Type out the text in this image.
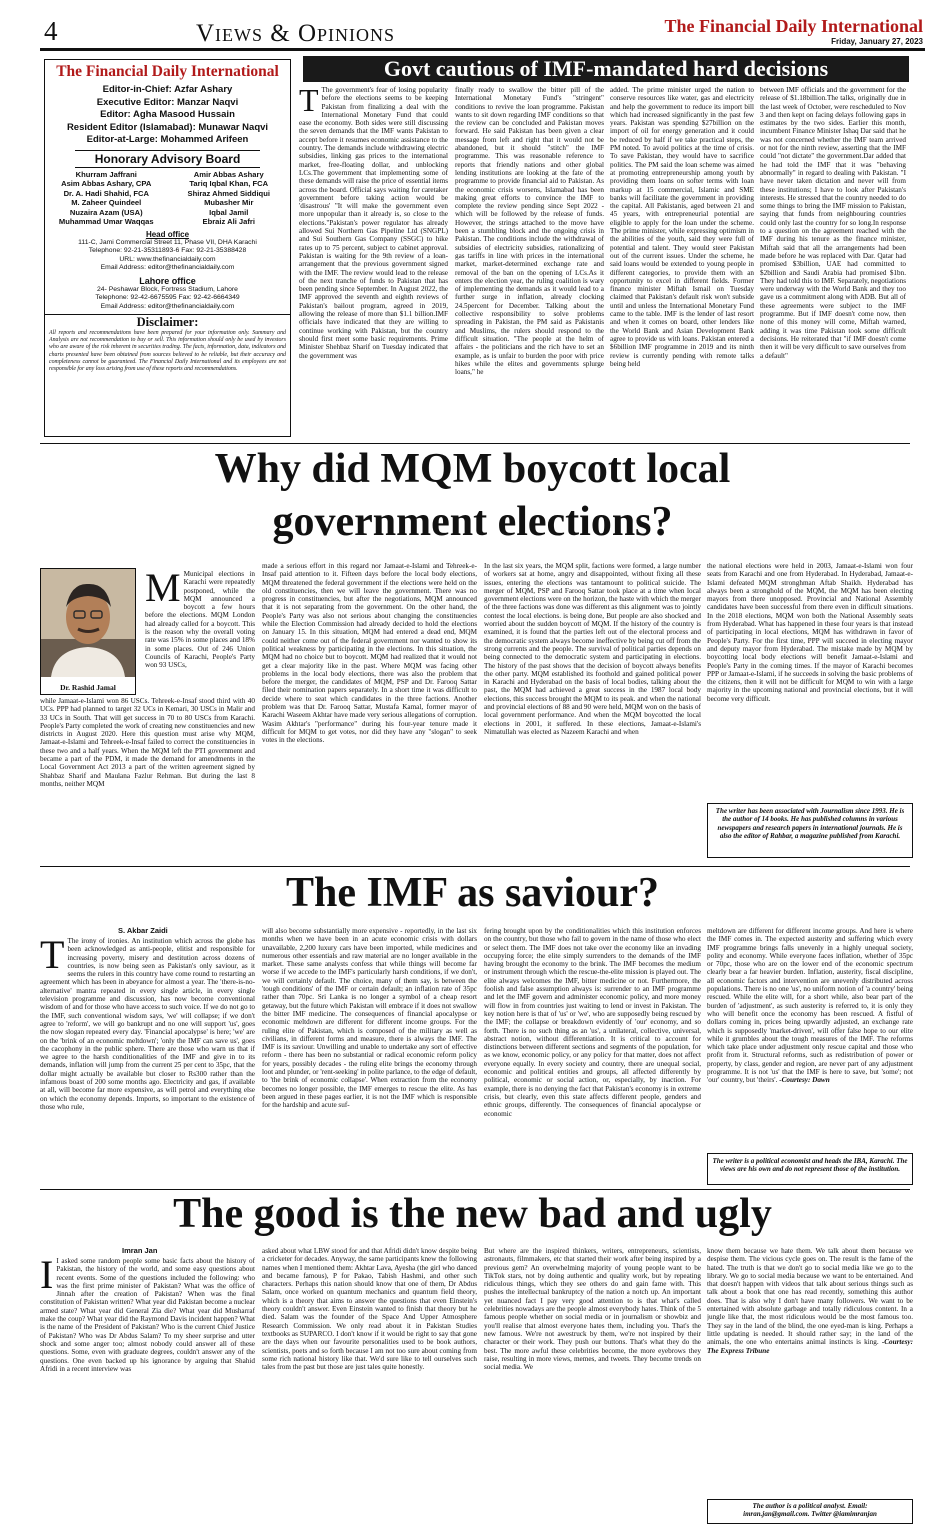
4	Views & Opinions	The Financial Daily International
Friday, January 27, 2023
The Financial Daily International
Editor-in-Chief: Azfar Ashary
Executive Editor: Manzar Naqvi
Editor: Agha Masood Hussain
Resident Editor (Islamabad): Munawar Naqvi
Editor-at-Large: Mohammed Arifeen
Honorary Advisory Board
Khurram Jaffrani
Asim Abbas Ashary, CPA
Dr. A. Hadi Shahid, FCA
M. Zaheer Quindeel
Nuzaira Azam (USA)
Muhammad Umar Waqqas
Amir Abbas Ashary
Tariq Iqbal Khan, FCA
Shiraz Ahmed Siddiqui
Mubasher Mir
Iqbal Jamil
Ebraiz Ali Jafri
Head office
111-C, Jami Commercial Street 11, Phase VII, DHA Karachi
Telephone: 92-21-35311893-6 Fax: 92-21-35388428
URL: www.thefinancialdaily.com
Email Address: editor@thefinancialdaily.com
Lahore office
24- Peshawar Block, Fortress Stadium, Lahore
Telephone: 92-42-6675595 Fax: 92-42-6664349
Email Address: editor@thefinancialdaily.com
Disclaimer:
All reports and recommendations have been prepared for your information only. Summary and Analysis are not recommendation to buy or sell. This information should only be used by investors who are aware of the risk inherent in securities trading. The facts, information, data, indicators and charts presented have been obtained from sources believed to be reliable, but their accuracy and completeness cannot be guaranteed. The Financial Daily International and its employees are not responsible for any loss arising from use of these reports and recommendations.
Govt cautious of IMF-mandated hard decisions
T The government's fear of losing popularity before the elections seems to be keeping Pakistan from finalizing a deal with the International Monetary Fund that could ease the economy. Both sides were still discussing the seven demands that the IMF wants Pakistan to accept before it resumes economic assistance to the country. The demands include withdrawing electric subsidies, linking gas prices to the international market, free-floating dollar, and unblocking LCs.The government that implementing some of these demands will raise the price of essential items across the board. Official says waiting for caretaker government before taking action would be 'disastrous' "It will make the government even more unpopular than it already is, so close to the elections."Pakistan's power regulator has already allowed Sui Northern Gas Pipeline Ltd (SNGPL) and Sui Southern Gas Company (SSGC) to hike rates up to 75 percent, subject to cabinet approval. Pakistan is waiting for the 9th review of a loan-arrangement that the previous government signed with the IMF. The review would lead to the release of the next tranche of funds to Pakistan that has been pending since September. In August 2022, the IMF approved the seventh and eighth reviews of Pakistan's bailout program, agreed in 2019, allowing the release of more than $1.1 billion.IMF officials have indicated that they are willing to continue working with Pakistan, but the country should first meet some basic requirements. Prime Minister Shehbaz Sharif on Tuesday indicated that the government was
finally ready to swallow the bitter pill of the International Monetary Fund's "stringent" conditions to revive the loan programme. Pakistan wants to sit down regarding IMF conditions so that the review can be concluded and Pakistan moves forward. He said Pakistan has been given a clear message from left and right that it would not be abandoned, but it should "stitch" the IMF programme. This was reasonable reference to reports that friendly nations and other global lending institutions are looking at the fate of the programme to provide financial aid to Pakistan. As the economic crisis worsens, Islamabad has been making great efforts to convince the IMF to complete the review pending since Sept 2022 - which will be followed by the release of funds. However, the strings attached to the move have been a stumbling block and the ongoing crisis in Pakistan. The conditions include the withdrawal of subsidies of electricity subsidies, rationalizing of gas tariffs in line with prices in the international market, market-determined exchange rate and removal of the ban on the opening of LCs.As it enters the election year, the ruling coalition is wary of implementing the demands as it would lead to a further surge in inflation, already clocking 24.5percent for December. Talking about the collective responsibility to solve problems spreading in Pakistan, the PM said as Pakistanis and Muslims, the rulers should respond to the difficult situation. "The people at the helm of affairs - the politicians and the rich have to set an example, as is unfair to burden the poor with price hikes while the elites and governments splurge loans," he
added. The prime minister urged the nation to conserve resources like water, gas and electricity and help the government to reduce its import bill which had increased significantly in the past few years. Pakistan was spending $27billion on the import of oil for energy generation and it could be reduced by half if we take practical steps, the PM noted. To avoid politics at the time of crisis. To save Pakistan, they would have to sacrifice politics. The PM said the loan scheme was aimed at promoting entrepreneurship among youth by providing them loans on softer terms with loan markup at 15 commercial, Islamic and SME banks will facilitate the government in providing the capital. All Pakistanis, aged between 21 and 45 years, with entrepreneurial potential are eligible to apply for the loan under the scheme. The prime minister, while expressing optimism in the abilities of the youth, said they were full of potential and talent. They would steer Pakistan out of the current issues. Under the scheme, he said loans would be extended to young people in different categories, to provide them with an opportunity to excel in different fields. Former finance minister Miftah Ismail on Tuesday claimed that Pakistan's default risk won't subside until and unless the International Monetary Fund came to the table. IMF is the lender of last resort and when it comes on board, other lenders like the World Bank and Asian Development Bank agree to provide us with loans. Pakistan entered a $6billion IMF programme in 2019 and its ninth review is currently pending with remote talks being held
between IMF officials and the government for the release of $1.18billion.The talks, originally due in the last week of October, were rescheduled to Nov 3 and then kept on facing delays following gaps in estimates by the two sides. Earlier this month, incumbent Finance Minister Ishaq Dar said that he was not concerned whether the IMF team arrived or not for the ninth review, asserting that the IMF could "not dictate" the government.Dar added that he had told the IMF that it was "behaving abnormally" in regard to dealing with Pakistan. "I have never taken dictation and never will from these institutions; I have to look after Pakistan's interests. He stressed that the country needed to do some things to bring the IMF mission to Pakistan, saying that funds from neighbouring countries could only last the country for so long.In response to a question on the agreement reached with the IMF during his tenure as the finance minister, Miftah said that all the arrangements had been made before he was replaced with Dar. Qatar had promised $3billion, UAE had committed to $2billion and Saudi Arabia had promised $1bn. They had told this to IMF. Separately, negotiations were underway with the World Bank and they too gave us a commitment along with ADB. But all of these agreements were subject to the IMF programme. But if IMF doesn't come now, then none of this money will come, Miftah warned, adding it was time Pakistan took some difficult decisions. He reiterated that "if IMF doesn't come then it will be very difficult to save ourselves from a default"
Why did MQM boycott local
government elections?
Dr. Rashid Jamal
M Municipal elections in Karachi were repeatedly postponed, while the MQM announced a boycott a few hours before the elections. MQM London had already called for a boycott. This is the reason why the overall voting rate was 15% in some places and 18% in some places. Out of 246 Union Councils of Karachi, People's Party won 93 USCs,
while Jamaat-e-Islami won 86 USCs. Tehreek-e-Insaf stood third with 40 UCs. PPP had planned to target 32 UCs in Kemari, 30 USCs in Malir and 33 UCs in South. That will get success in 70 to 80 USCs from Karachi. People's Party completed the work of creating new constituencies and new districts in August 2020. Here this question must arise why MQM, Jamaat-e-Islami and Tehreek-e-Insaf failed to correct the constituencies in these two and a half years. When the MQM left the PTI government and became a part of the PDM, it made the demand for amendments in the Local Government Act 2013 a part of the written agreement signed by Shahbaz Sharif and Maulana Fazlur Rehman. But during the last 8 months, neither MQM
made a serious effort in this regard nor Jamaat-e-Islami and Tehreek-e-Insaf paid attention to it. Fifteen days before the local body elections, MQM threatened the federal government if the elections were held on the old constituencies, then we will leave the government. There was no progress in constituencies, but after the negotiations, MQM announced that it is not separating from the government. On the other hand, the People's Party was also not serious about changing the constituencies while the Election Commission had already decided to hold the elections on January 15. In this situation, MQM had entered a dead end, MQM could neither come out of the federal government nor wanted to show its political weakness by participating in the elections. In this situation, the MQM had no choice but to boycott. MQM had realized that it would not get a clear majority like in the past. Where MQM was facing other problems in the local body elections, there was also the problem that before the merger, the candidates of MQM, PSP and Dr. Farooq Sattar filed their nomination papers separately. In a short time it was difficult to decide where to seat which candidates in the three factions. Another problem was that Dr. Farooq Sattar, Mustafa Kamal, former mayor of Karachi Waseem Akhtar have made very serious allegations of corruption. Wasim Akhtar's "performance" during his four-year tenure made it difficult for MQM to get votes, nor did they have any "slogan" to seek votes in the elections.
In the last six years, the MQM split, factions were formed, a large number of workers sat at home, angry and disappointed, without fixing all these issues, entering the elections was tantamount to political suicide. The merger of MQM, PSP and Farooq Sattar took place at a time when local government elections were on the horizon, the haste with which the merger of the three factions was done was different as this alignment was to jointly contest the local elections. is being done, But people are also shocked and worried about the sudden boycott of MQM. If the history of the country is examined, it is found that the parties left out of the electoral process and the democratic system always become ineffective by being cut off from the strong currents and the people. The survival of political parties depends on being connected to the democratic system and participating in elections. The history of the past shows that the decision of boycott always benefits the other party. MQM established its foothold and gained political power in Karachi and Hyderabad on the basis of local bodies, talking about the past, the MQM had achieved a great success in the 1987 local body elections, this success brought the MQM to its peak. and when the national and provincial elections of 88 and 90 were held, MQM won on the basis of local government performance. And when the MQM boycotted the local elections in 2001, it suffered. In these elections, Jamaat-e-Islami's Nimatullah was elected as Nazeem Karachi and when
the national elections were held in 2003, Jamaat-e-Islami won four seats from Karachi and one from Hyderabad. In Hyderabad, Jamaat-e-Islami defeated MQM stronghman Aftab Shaikh. Hyderabad has always been a stronghold of the MQM, the MQM has been electing mayors from there unopposed. Provincial and National Assembly candidates have been successful from there even in difficult situations. In the 2018 elections, MQM won both the National Assembly seats from Hyderabad. What has happened in these four years is that instead of participating in local elections, MQM has withdrawn in favor of People's Party. For the first time, PPP will succeed in electing mayor and deputy mayor from Hyderabad. The mistake made by MQM by boycotting local body elections will benefit Jamaat-e-Islami and People's Party in the coming times. If the mayor of Karachi becomes PPP or Jamaat-e-Islami, if he succeeds in solving the basic problems of the citizens, then it will not be difficult for MQM to win with a large majority in the upcoming national and provincial elections, but it will become very difficult.
The writer has been associated with Journalism since 1993. He is the author of 14 books. He has published columns in various newspapers and research papers in international journals. He is also the editor of Rahbar, a magazine published from Karachi.
The IMF as saviour?
S. Akbar Zaidi
T The irony of ironies. An institution which across the globe has been acknowledged as anti-people, elitist and responsible for increasing poverty, misery and destitution across dozens of countries, is now being seen as Pakistan's only saviour, as it seems the rulers in this country have come round to restarting an agreement which has been in abeyance for almost a year. The 'there-is-no-alternative' mantra repeated in every single article, in every single television programme and discussion, has now become conventional wisdom of and for those who have access to such voice. If we do not go to the IMF, such conventional wisdom says, 'we' will collapse; if we don't agree to 'reform', we will go bankrupt and no one will support 'us', goes the now slogan repeated every day. 'Financial apocalypse' is here; 'we' are on the 'brink of an economic meltdown'; 'only the IMF can save us', goes the cacophony in the public sphere. There are those who warn us that if we agree to the harsh conditionalities of the IMF and give in to its demands, inflation will jump from the current 25 per cent to 35pc, that the dollar might actually be available but closer to Rs300 rather than the infamous boast of 200 some months ago. Electricity and gas, if available at all, will become far more expensive, as will petrol and everything else on which the economy depends. Imports, so important to the existence of those who rule,
will also become substantially more expensive - reportedly, in the last six months when we have been in an acute economic crisis with dollars unavailable, 2,200 luxury cars have been imported, while medicines and numerous other essentials and raw material are no longer available in the market. These same analysts confess that while things will become far worse if we accede to the IMF's particularly harsh conditions, if we don't, we will certainly default. The choice, many of them say, is between the 'tough conditions' of the IMF or certain default; an inflation rate of 35pc rather than 70pc. Sri Lanka is no longer a symbol of a cheap resort getaway, but the future which Pakistan will embrace if it does not swallow the bitter IMF medicine. The consequences of financial apocalypse or economic meltdown are different for different income groups. For the ruling elite of Pakistan, which is composed of the military as well as civilians, in different forms and measure, there is always the IMF. The IMF is its saviour. Unwilling and unable to undertake any sort of effective reform - there has been no substantial or radical economic reform policy for years, possibly decades - the ruling elite brings the economy through loot and plunder, or 'rent-seeking' in polite parlance, to the edge of default, to 'the brink of economic collapse'. When extraction from the economy becomes no longer possible, the IMF emerges to rescue the elite. As has been argued in these pages earlier, it is not the IMF which is responsible for the hardship and acute suf-
fering brought upon by the conditionalities which this institution enforces on the country, but those who fail to govern in the name of those who elect or select them. The IMF does not take over the economy like an invading occupying force; the elite simply surrenders to the demands of the IMF having brought the economy to the brink. The IMF becomes the medium or instrument through which the rescue-the-elite mission is played out. The elite always welcomes the IMF, bitter medicine or not. Furthermore, the foolish and false assumption always is: surrender to an IMF programme and let the IMF govern and administer economic policy, and more money will flow in from countries just waiting to lend or invest in Pakistan. The key notion here is that of 'us' or 'we', who are supposedly being rescued by the IMF; the collapse or breakdown evidently of 'our' economy, and so forth. There is no such thing as an 'us', a unilateral, collective, universal, abstract notion, without differentiation. It is critical to account for distinctions between different sections and segments of the population, for as we know, economic policy, or any policy for that matter, does not affect everyone equally. In every society and country, there are unequal social, economic and political entities and groups, all affected differently by political, economic or social action, or, especially, by inaction. For example, there is no denying the fact that Pakistan's economy is in extreme crisis, but clearly, even this state affects different people, genders and ethnic groups, differently. The consequences of financial apocalypse or economic
meltdown are different for different income groups. And here is where the IMF comes in. The expected austerity and suffering which every IMF programme brings falls unevenly in a highly unequal society, polity and economy. While everyone faces inflation, whether of 35pc or 70pc, those who are on the lower end of the economic spectrum clearly bear a far heavier burden. Inflation, austerity, fiscal discipline, all economic factors and intervention are unevenly distributed across populations. There is no one 'us', no uniform notion of 'a country' being rescued. While the elite will, for a short while, also bear part of the burden of 'adjustment', as such austerity is referred to, it is only they who will benefit once the economy has been rescued. A fistful of dollars coming in, prices being upwardly adjusted, an exchange rate which is supposedly 'market-driven', will offer false hope to our elite while it grumbles about the tough measures of the IMF. The reforms which take place under adjustment only rescue capital and those who profit from it. Structural reforms, such as redistribution of power or property, by class, gender and region, are never part of any adjustment programme. It is not 'us' that the IMF is here to save, but 'some'; not 'our' country, but 'theirs'. -Courtesy: Dawn
The writer is a political economist and heads the IBA, Karachi. The views are his own and do not represent those of the institution.
The good is the new bad and ugly
Imran Jan
I I asked some random people some basic facts about the history of Pakistan, the history of the world, and some easy questions about recent events. Some of the questions included the following: who was the first prime minister of Pakistan? What was the office of Jinnah after the creation of Pakistan? When was the final constitution of Pakistan written? What year did Pakistan become a nuclear armed state? What year did General Zia die? What year did Musharraf make the coup? What year did the Raymond Davis incident happen? What is the name of the President of Pakistan? Who is the current Chief Justice of Pakistan? Who was Dr Abdus Salam? To my sheer surprise and utter shock and some anger too; almost nobody could answer all of these questions. Some, even with graduate degrees, couldn't answer any of the questions. One even backed up his ignorance by arguing that Shahid Afridi in a recent interview was
asked about what LBW stood for and that Afridi didn't know despite being a cricketer for decades. Anyway, the same participants knew the following names when I mentioned them: Akhtar Lava, Ayesha (the girl who danced and became famous), P for Pakao, Tabish Hashmi, and other such characters. Perhaps this nation should know that one of them, Dr Abdus Salam, once worked on quantum mechanics and quantum field theory, which is a theory that aims to answer the questions that even Einstein's theory couldn't answer. Even Einstein wanted to finish that theory but he died. Salam was the founder of the Space And Upper Atmosphere Research Commission. We only read about it in Pakistan Studies textbooks as SUPARCO. I don't know if it would be right to say that gone are the days when our favourite personalities used to be book authors, scientists, poets and so forth because I am not too sure about coming from some rich national history like that. We'd sure like to tell ourselves such tales from the past but those are just tales quite honestly.
But where are the inspired thinkers, writers, entrepreneurs, scientists, astronauts, filmmakers, etc that started their work after being inspired by a previous gem? An overwhelming majority of young people want to be TikTok stars, not by doing authentic and quality work, but by repeating ridiculous things, which they see others do and gain fame with. This pushes the intellectual bankruptcy of the nation a notch up. An important yet nuanced fact I pay very good attention to is that what's called celebrities nowadays are the people almost everybody hates. Think of the 5 famous people whether on social media or in journalism or showbiz and you'll realise that almost everyone hates them, including you. That's the new famous. We're not awestruck by them, we're not inspired by their character or their work. They push our buttons. That's what they do the best. The more awful these celebrities become, the more eyebrows they raise, resulting in more views, memes, and tweets. They become trends on social media. We
know them because we hate them. We talk about them because we despise them. The vicious cycle goes on. The result is the fame of the hated. The truth is that we don't go to social media like we go to the library. We go to social media because we want to be entertained. And that doesn't happen with videos that talk about serious things such as talk about a book that one has read recently, something this author does. That is also why I don't have many followers. We want to be entertained with absolute garbage and totally ridiculous content. In a jungle like that, the most ridiculous would be the most famous too. They say in the land of the blind, the one eyed-man is king. Perhaps a little updating is needed. It should rather say; in the land of the animals, the one who entertains animal instincts is king. -Courtesy: The Express Tribune
The author is a political analyst. Email:
imran.jan@gmail.com. Twitter @iamimranjan
